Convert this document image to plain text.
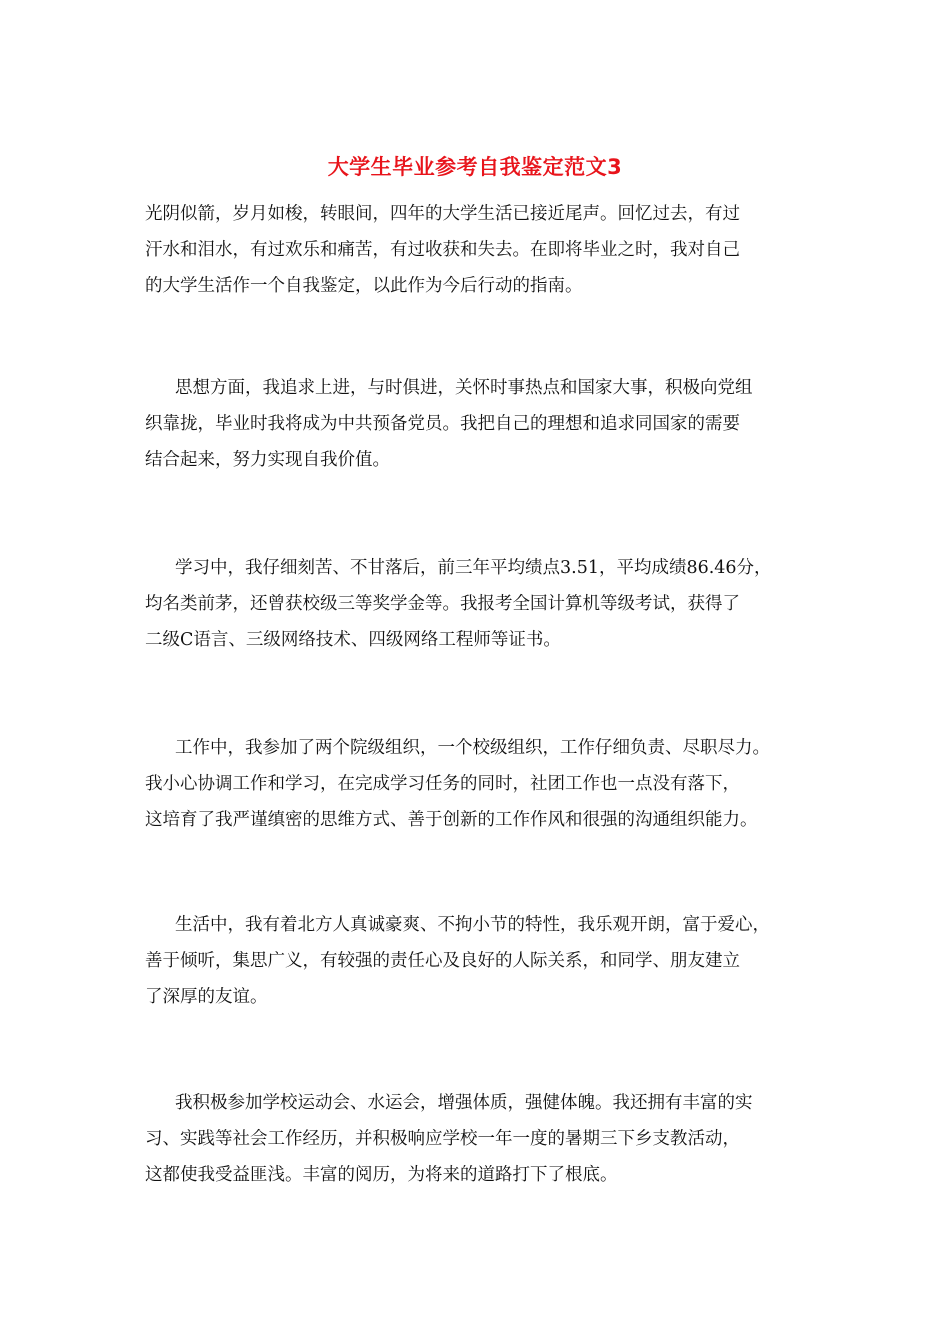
大学生毕业参考自我鉴定范文3
光阴似箭，岁月如梭，转眼间，四年的大学生活已接近尾声。回忆过去，有过
汗水和泪水，有过欢乐和痛苦，有过收获和失去。在即将毕业之时，我对自己
的大学生活作一个自我鉴定，以此作为今后行动的指南。
思想方面，我追求上进，与时俱进，关怀时事热点和国家大事，积极向党组
织靠拢，毕业时我将成为中共预备党员。我把自己的理想和追求同国家的需要
结合起来，努力实现自我价值。
学习中，我仔细刻苦、不甘落后，前三年平均绩点3.51，平均成绩86.46分，
均名类前茅，还曾获校级三等奖学金等。我报考全国计算机等级考试，获得了
二级C语言、三级网络技术、四级网络工程师等证书。
工作中，我参加了两个院级组织，一个校级组织，工作仔细负责、尽职尽力。
我小心协调工作和学习，在完成学习任务的同时，社团工作也一点没有落下，
这培育了我严谨缜密的思维方式、善于创新的工作作风和很强的沟通组织能力。
生活中，我有着北方人真诚豪爽、不拘小节的特性，我乐观开朗，富于爱心，
善于倾听，集思广义，有较强的责任心及良好的人际关系，和同学、朋友建立
了深厚的友谊。
我积极参加学校运动会、水运会，增强体质，强健体魄。我还拥有丰富的实
习、实践等社会工作经历，并积极响应学校一年一度的暑期三下乡支教活动，
这都使我受益匪浅。丰富的阅历，为将来的道路打下了根底。
